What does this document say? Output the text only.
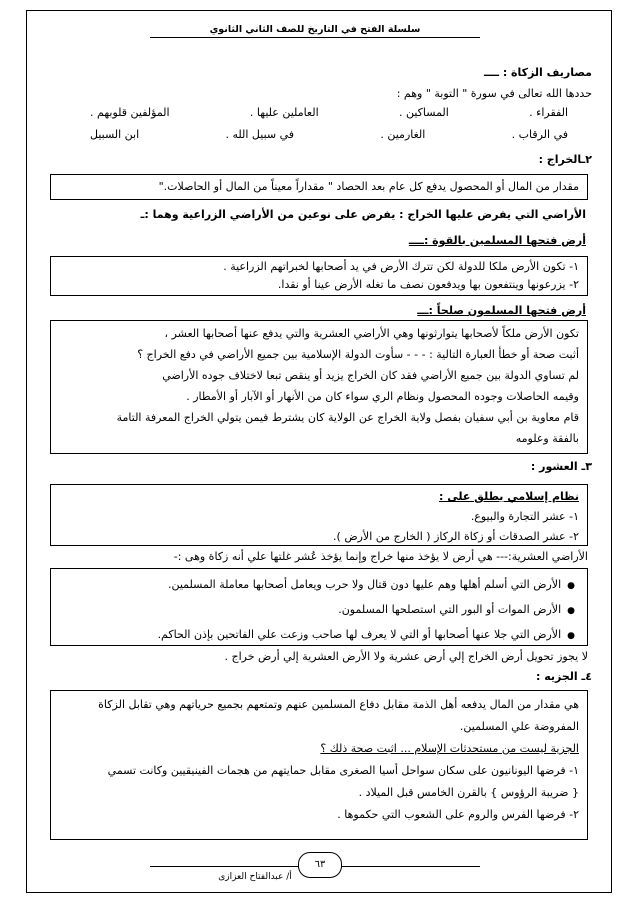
سلسلة الفتح في التاريخ للصف الثاني الثانوي
مصاريف الزكاة : ــــ
حددها الله تعالى في سورة " التوبة " وهم :
الفقراء .
المساكين .
العاملين عليها .
المؤلفين قلوبهم .
في الرقاب .
الغارمين .
في سبيل الله .
ابن السبيل
٢ـالخراج :
مقدار من المال أو المحصول يدفع كل عام بعد الحصاد " مقداراً معيناً من المال أو الحاصلات."
الأراضي التي يفرض عليها الخراج : يفرض على نوعين من الأراضي الزراعية وهما :ـ
أرض فتحها المسلمين بالقوة :ــــ
١- تكون الأرض ملكا للدولة لكن تترك الأرض في يد أصحابها لخبراتهم الزراعية .
٢- يزرعونها وينتفعون بها ويدفعون نصف ما تغله الأرض عينا أو نقدا.
أرض فتحها المسلمون صلحاً :ـــ
تكون الأرض ملكاً لأصحابها يتوارثونها وهي الأراضي العشرية والتي يدفع عنها أصحابها العشر ،
أثبت صحة أو خطأ العبارة التالية : - - - سأوت الدولة الإسلامية بين جميع الأراضي في دفع الخراج ؟
لم تساوي الدولة بين جميع الأراضي فقد كان الخراج يزيد أو ينقص تبعا لاختلاف جوده الأراضي
وقيمه الحاصلات وجوده المحصول ونظام الري سواء كان من الأنهار أو الآبار أو الأمطار .
قام معاوية بن أبي سفيان بفصل ولاية الخراج عن الولاية كان يشترط فيمن يتولي الخراج المعرفة التامة
بالفقة وعلومه
٣ـ العشور :
نظام إسلامي يطلق على :
١- عشر التجارة والبيوع.
٢- عشر الصدقات أو زكاة الركاز ( الخارج من الأرض ).
الأراضي العشرية:--- هي أرض لا يؤخذ منها خراج وإنما يؤخذ عُشر غلتها علي أنه زكاة وهى :-
● الأرض التي أسلم أهلها وهم عليها دون قتال ولا حرب ويعامل أصحابها معاملة المسلمين.
● الأرض الموات أو البور التي استصلحها المسلمون.
● الأرض التي جلا عنها أصحابها أو التي لا يعرف لها صاحب وزعت علي الفاتحين بإذن الحاكم.
لا يجوز تحويل أرض الخراج إلي أرض عشرية ولا الأرض العشرية إلي أرض خراج .
٤ـ الجزيه :
هي مقدار من المال يدفعه أهل الذمة مقابل دفاع المسلمين عنهم وتمتعهم بجميع حرياتهم وهي تقابل الزكاة
المفروضة علي المسلمين.
الجزية ليست من مستحدثات الإسلام ... اثبت صحة ذلك ؟
١- فرضها اليونانيون على سكان سواحل أسيا الصغرى مقابل حمايتهم من هجمات الفينيقيين وكانت تسمي
{ ضريبة الرؤوس } بالقرن الخامس قبل الميلاد .
٢- فرضها الفرس والروم على الشعوب التي حكموها .
٦٣
أ/ عبدالفتاح العزازى
